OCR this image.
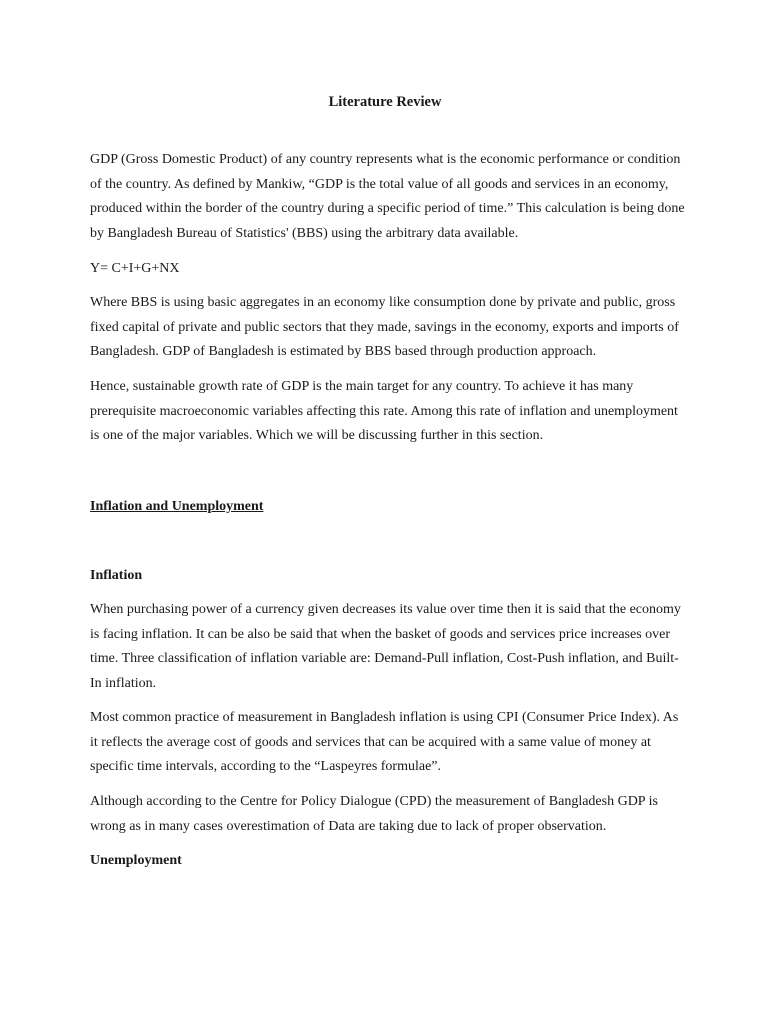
Literature Review

GDP (Gross Domestic Product) of any country represents what is the economic performance or condition
of the country. As defined by Mankiw, “GDP is the total value of all goods and services in an economy,
produced within the border of the country during a specific period of time.” This calculation is being done
by Bangladesh Bureau of Statistics' (BBS) using the arbitrary data available.

Y= C+I+G+NX

Where BBS is using basic aggregates in an economy like consumption done by private and public, gross
fixed capital of private and public sectors that they made, savings in the economy, exports and imports of
Bangladesh. GDP of Bangladesh is estimated by BBS based through production approach.

Hence, sustainable growth rate of GDP is the main target for any country. To achieve it has many
prerequisite macroeconomic variables affecting this rate. Among this rate of inflation and unemployment
is one of the major variables. Which we will be discussing further in this section.

Inflation and Unemployment
Inflation

When purchasing power of a currency given decreases its value over time then it is said that the economy
is facing inflation. It can be also be said that when the basket of goods and services price increases over
time. Three classification of inflation variable are: Demand-Pull inflation, Cost-Push inflation, and Built-
In inflation.

Most common practice of measurement in Bangladesh inflation is using CPI (Consumer Price Index). As
it reflects the average cost of goods and services that can be acquired with a same value of money at
specific time intervals, according to the “Laspeyres formulae”.

Although according to the Centre for Policy Dialogue (CPD) the measurement of Bangladesh GDP is
wrong as in many cases overestimation of Data are taking due to lack of proper observation.

Unemployment
